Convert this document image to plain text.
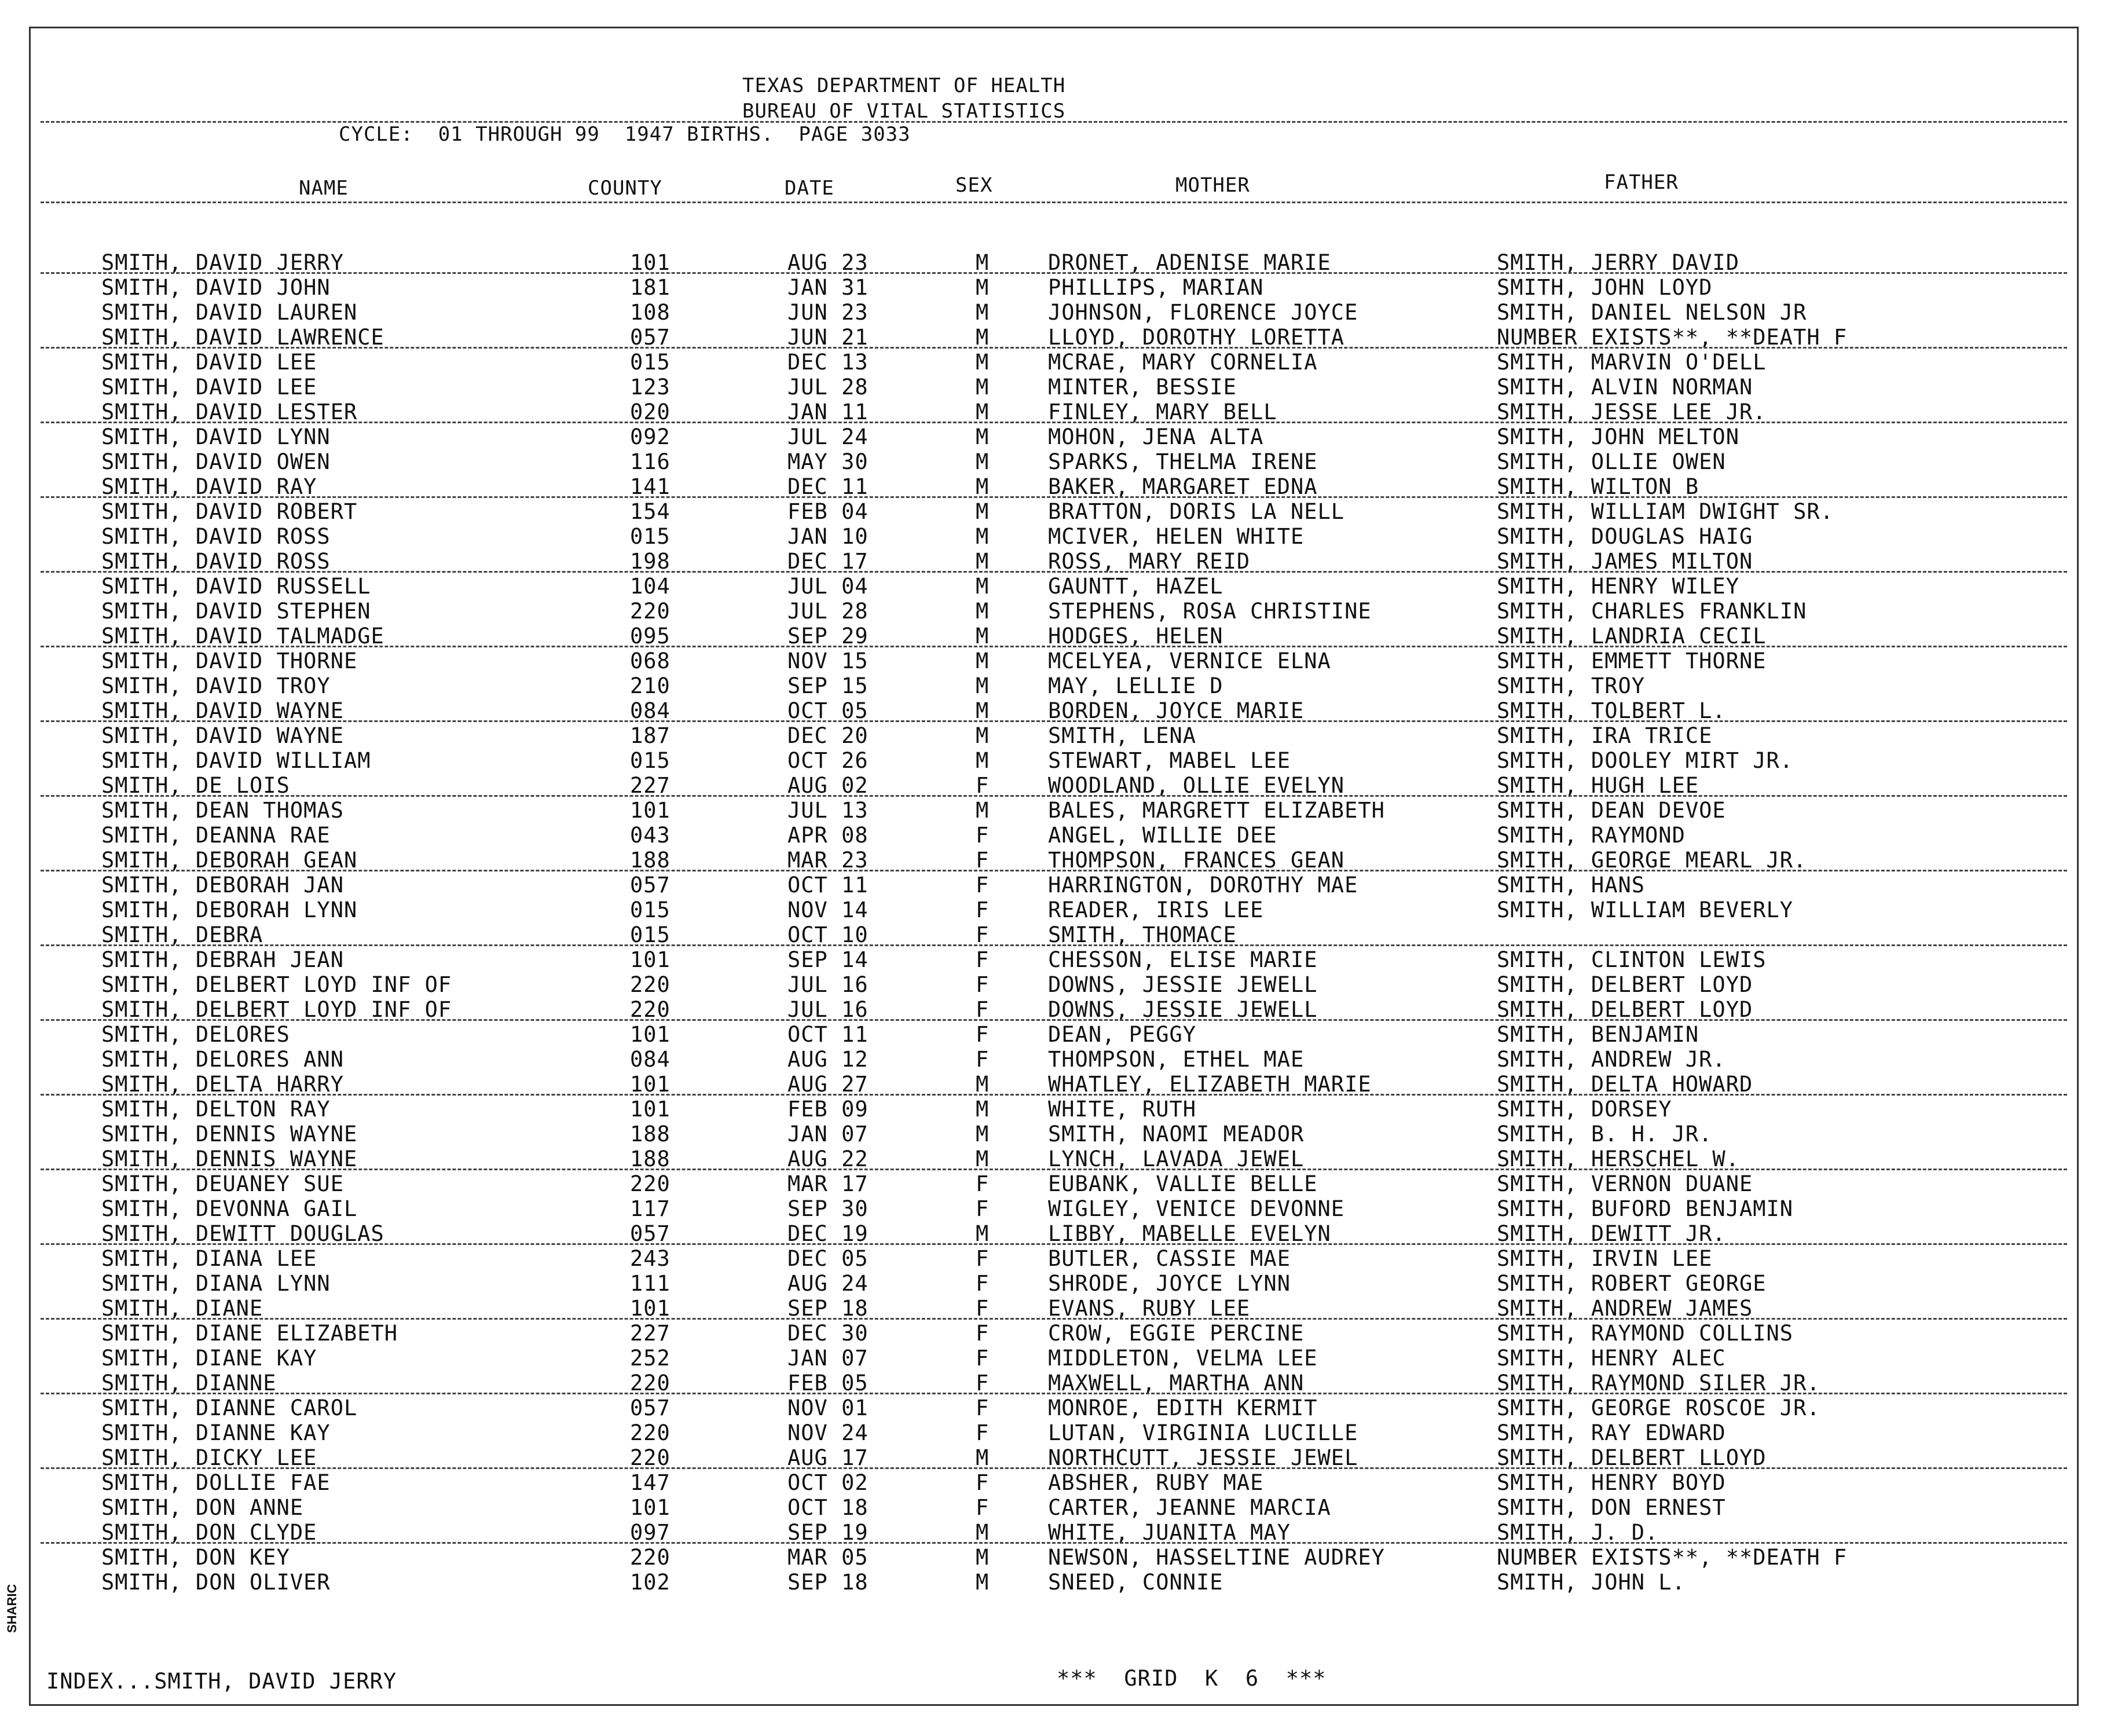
TEXAS DEPARTMENT OF HEALTH
BUREAU OF VITAL STATISTICS
CYCLE:  01 THROUGH 99  1947 BIRTHS.  PAGE 3033
NAME	COUNTY	DATE	SEX	MOTHER	FATHER
SMITH, DAVID JERRY	101	AUG 23	M	DRONET, ADENISE MARIE	SMITH, JERRY DAVID
SMITH, DAVID JOHN	181	JAN 31	M	PHILLIPS, MARIAN	SMITH, JOHN LOYD
SMITH, DAVID LAUREN	108	JUN 23	M	JOHNSON, FLORENCE JOYCE	SMITH, DANIEL NELSON JR
SMITH, DAVID LAWRENCE	057	JUN 21	M	LLOYD, DOROTHY LORETTA	NUMBER EXISTS**, **DEATH F
SMITH, DAVID LEE	015	DEC 13	M	MCRAE, MARY CORNELIA	SMITH, MARVIN O'DELL
SMITH, DAVID LEE	123	JUL 28	M	MINTER, BESSIE	SMITH, ALVIN NORMAN
SMITH, DAVID LESTER	020	JAN 11	M	FINLEY, MARY BELL	SMITH, JESSE LEE JR.
SMITH, DAVID LYNN	092	JUL 24	M	MOHON, JENA ALTA	SMITH, JOHN MELTON
SMITH, DAVID OWEN	116	MAY 30	M	SPARKS, THELMA IRENE	SMITH, OLLIE OWEN
SMITH, DAVID RAY	141	DEC 11	M	BAKER, MARGARET EDNA	SMITH, WILTON B
SMITH, DAVID ROBERT	154	FEB 04	M	BRATTON, DORIS LA NELL	SMITH, WILLIAM DWIGHT SR.
SMITH, DAVID ROSS	015	JAN 10	M	MCIVER, HELEN WHITE	SMITH, DOUGLAS HAIG
SMITH, DAVID ROSS	198	DEC 17	M	ROSS, MARY REID	SMITH, JAMES MILTON
SMITH, DAVID RUSSELL	104	JUL 04	M	GAUNTT, HAZEL	SMITH, HENRY WILEY
SMITH, DAVID STEPHEN	220	JUL 28	M	STEPHENS, ROSA CHRISTINE	SMITH, CHARLES FRANKLIN
SMITH, DAVID TALMADGE	095	SEP 29	M	HODGES, HELEN	SMITH, LANDRIA CECIL
SMITH, DAVID THORNE	068	NOV 15	M	MCELYEA, VERNICE ELNA	SMITH, EMMETT THORNE
SMITH, DAVID TROY	210	SEP 15	M	MAY, LELLIE D	SMITH, TROY
SMITH, DAVID WAYNE	084	OCT 05	M	BORDEN, JOYCE MARIE	SMITH, TOLBERT L.
SMITH, DAVID WAYNE	187	DEC 20	M	SMITH, LENA	SMITH, IRA TRICE
SMITH, DAVID WILLIAM	015	OCT 26	M	STEWART, MABEL LEE	SMITH, DOOLEY MIRT JR.
SMITH, DE LOIS	227	AUG 02	F	WOODLAND, OLLIE EVELYN	SMITH, HUGH LEE
SMITH, DEAN THOMAS	101	JUL 13	M	BALES, MARGRETT ELIZABETH	SMITH, DEAN DEVOE
SMITH, DEANNA RAE	043	APR 08	F	ANGEL, WILLIE DEE	SMITH, RAYMOND
SMITH, DEBORAH GEAN	188	MAR 23	F	THOMPSON, FRANCES GEAN	SMITH, GEORGE MEARL JR.
SMITH, DEBORAH JAN	057	OCT 11	F	HARRINGTON, DOROTHY MAE	SMITH, HANS
SMITH, DEBORAH LYNN	015	NOV 14	F	READER, IRIS LEE	SMITH, WILLIAM BEVERLY
SMITH, DEBRA	015	OCT 10	F	SMITH, THOMACE
SMITH, DEBRAH JEAN	101	SEP 14	F	CHESSON, ELISE MARIE	SMITH, CLINTON LEWIS
SMITH, DELBERT LOYD INF OF	220	JUL 16	F	DOWNS, JESSIE JEWELL	SMITH, DELBERT LOYD
SMITH, DELBERT LOYD INF OF	220	JUL 16	F	DOWNS, JESSIE JEWELL	SMITH, DELBERT LOYD
SMITH, DELORES	101	OCT 11	F	DEAN, PEGGY	SMITH, BENJAMIN
SMITH, DELORES ANN	084	AUG 12	F	THOMPSON, ETHEL MAE	SMITH, ANDREW JR.
SMITH, DELTA HARRY	101	AUG 27	M	WHATLEY, ELIZABETH MARIE	SMITH, DELTA HOWARD
SMITH, DELTON RAY	101	FEB 09	M	WHITE, RUTH	SMITH, DORSEY
SMITH, DENNIS WAYNE	188	JAN 07	M	SMITH, NAOMI MEADOR	SMITH, B. H. JR.
SMITH, DENNIS WAYNE	188	AUG 22	M	LYNCH, LAVADA JEWEL	SMITH, HERSCHEL W.
SMITH, DEUANEY SUE	220	MAR 17	F	EUBANK, VALLIE BELLE	SMITH, VERNON DUANE
SMITH, DEVONNA GAIL	117	SEP 30	F	WIGLEY, VENICE DEVONNE	SMITH, BUFORD BENJAMIN
SMITH, DEWITT DOUGLAS	057	DEC 19	M	LIBBY, MABELLE EVELYN	SMITH, DEWITT JR.
SMITH, DIANA LEE	243	DEC 05	F	BUTLER, CASSIE MAE	SMITH, IRVIN LEE
SMITH, DIANA LYNN	111	AUG 24	F	SHRODE, JOYCE LYNN	SMITH, ROBERT GEORGE
SMITH, DIANE	101	SEP 18	F	EVANS, RUBY LEE	SMITH, ANDREW JAMES
SMITH, DIANE ELIZABETH	227	DEC 30	F	CROW, EGGIE PERCINE	SMITH, RAYMOND COLLINS
SMITH, DIANE KAY	252	JAN 07	F	MIDDLETON, VELMA LEE	SMITH, HENRY ALEC
SMITH, DIANNE	220	FEB 05	F	MAXWELL, MARTHA ANN	SMITH, RAYMOND SILER JR.
SMITH, DIANNE CAROL	057	NOV 01	F	MONROE, EDITH KERMIT	SMITH, GEORGE ROSCOE JR.
SMITH, DIANNE KAY	220	NOV 24	F	LUTAN, VIRGINIA LUCILLE	SMITH, RAY EDWARD
SMITH, DICKY LEE	220	AUG 17	M	NORTHCUTT, JESSIE JEWEL	SMITH, DELBERT LLOYD
SMITH, DOLLIE FAE	147	OCT 02	F	ABSHER, RUBY MAE	SMITH, HENRY BOYD
SMITH, DON ANNE	101	OCT 18	F	CARTER, JEANNE MARCIA	SMITH, DON ERNEST
SMITH, DON CLYDE	097	SEP 19	M	WHITE, JUANITA MAY	SMITH, J. D.
SMITH, DON KEY	220	MAR 05	M	NEWSON, HASSELTINE AUDREY	NUMBER EXISTS**, **DEATH F
SMITH, DON OLIVER	102	SEP 18	M	SNEED, CONNIE	SMITH, JOHN L.
INDEX...SMITH, DAVID JERRY	***  GRID  K  6  ***
SHARIC
